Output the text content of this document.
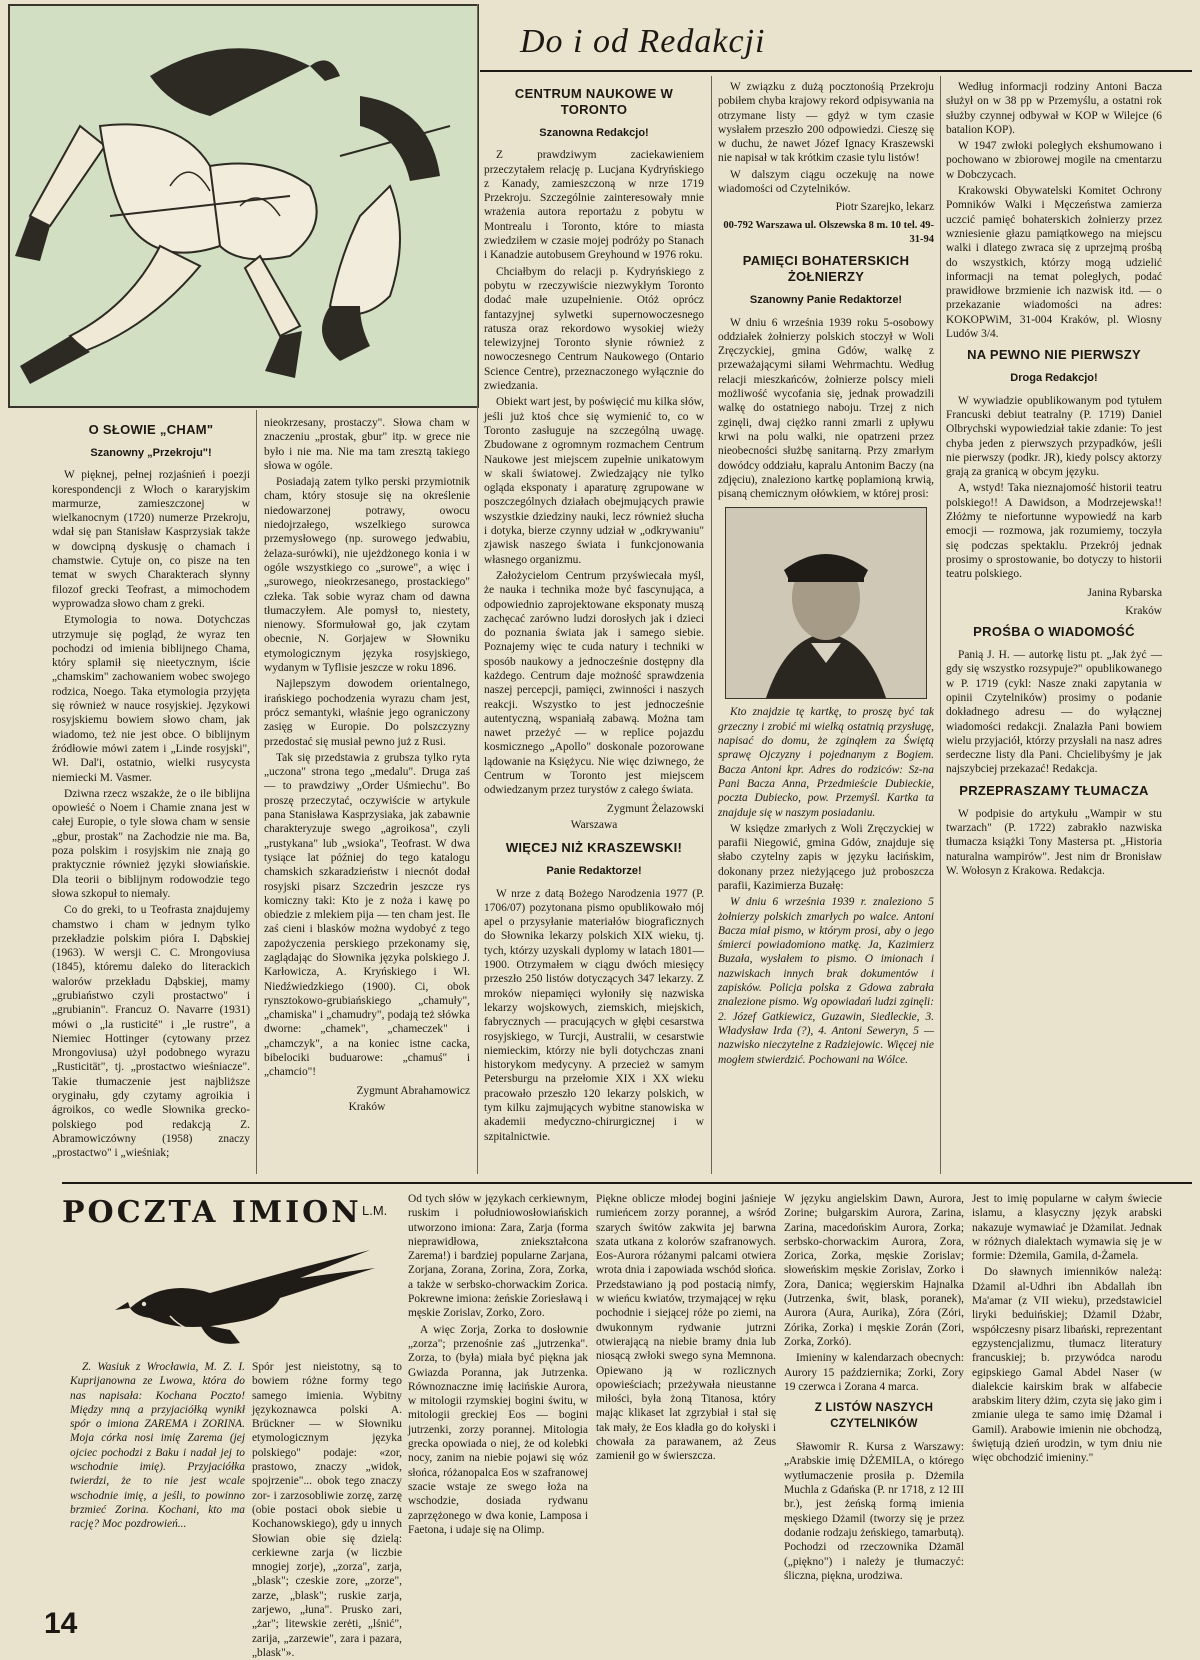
Do i od Redakcji
O SŁOWIE „CHAM"
Szanowny „Przekroju"!

W pięknej, pełnej rozjaśnień i poezji korespondencji z Włoch o kararyjskim marmurze, zamieszczonej w wielkanocnym (1720) numerze Przekroju, wdał się pan Stanisław Kasprzysiak także w dowcipną dyskusję o chamach i chamstwie. Cytuje on, co pisze na ten temat w swych Charakterach słynny filozof grecki Teofrast, a mimochodem wyprowadza słowo cham z greki.

Etymologia to nowa. Dotychczas utrzymuje się pogląd, że wyraz ten pochodzi od imienia biblijnego Chama, który splamił się nieetycznym, iście „chamskim" zachowaniem wobec swojego rodzica, Noego. Taka etymologia przyjęta się również w nauce rosyjskiej. Językowi rosyjskiemu bowiem słowo cham, jak wiadomo, też nie jest obce. O biblijnym źródłowie mówi zatem i „Linde rosyjski", Wł. Dal'i, ostatnio, wielki rusycysta niemiecki M. Vasmer.

Dziwna rzecz wszakże, że o ile biblijna opowieść o Noem i Chamie znana jest w całej Europie, o tyle słowa cham w sensie „gbur, prostak" na Zachodzie nie ma. Ba, poza polskim i rosyjskim nie znają go praktycznie również języki słowiańskie. Dla teorii o biblijnym rodowodzie tego słowa szkopuł to niemały.

Co do greki, to u Teofrasta znajdujemy chamstwo i cham w jednym tylko przekładzie polskim pióra I. Dąbskiej (1963). W wersji C. C. Mrongoviusa (1845), któremu daleko do literackich walorów przekładu Dąbskiej, mamy „grubiaństwo czyli prostactwo" i „grubianin". Francuz O. Navarre (1931) mówi o „la rusticité" i „le rustre", a Niemiec Hottinger (cytowany przez Mrongoviusa) użył podobnego wyrazu „Rusticität", tj. „prostactwo wieśniacze". Takie tłumaczenie jest najbliższe oryginału, gdy czytamy agroikia i ágroikos, co wedle Słownika grecko-polskiego pod redakcją Z. Abramowiczówny (1958) znaczy „prostactwo" i „wieśniak;

nieokrzesany, prostaczy". Słowa cham w znaczeniu „prostak, gbur" itp. w grece nie było i nie ma. Nie ma tam zresztą takiego słowa w ogóle.

Posiadają zatem tylko perski przymiotnik cham, który stosuje się na określenie niedowarzonej potrawy, owocu niedojrzałego, wszelkiego surowca przemysłowego (np. surowego jedwabiu, żelaza-surówki), nie ujeżdżonego konia i w ogóle wszystkiego co „surowe", a więc i „surowego, nieokrzesanego, prostackiego" człeka. Tak sobie wyraz cham od dawna tłumaczyłem. Ale pomysł to, niestety, nienowy. Sformułował go, jak czytam obecnie, N. Gorjajew w Słowniku etymologicznym języka rosyjskiego, wydanym w Tyflisie jeszcze w roku 1896.

Najlepszym dowodem orientalnego, irańskiego pochodzenia wyrazu cham jest, prócz semantyki, właśnie jego ograniczony zasięg w Europie. Do polszczyzny przedostać się musiał pewno już z Rusi.

Tak się przedstawia z grubsza tylko ryta „uczona" strona tego „medalu". Druga zaś — to prawdziwy „Order Uśmiechu". Bo proszę przeczytać, oczywiście w artykule pana Stanisława Kasprzysiaka, jak zabawnie charakteryzuje swego „agroikosa", czyli „rustykana" lub „wsioka", Teofrast. W dwa tysiące lat później do tego katalogu chamskich szkaradzieństw i niecnót dodał rosyjski pisarz Szczedrin jeszcze rys komiczny taki: Kto je z noża i kawę po obiedzie z mlekiem pija — ten cham jest. Ile zaś cieni i blasków można wydobyć z tego zapożyczenia perskiego przekonamy się, zaglądając do Słownika języka polskiego J. Karłowicza, A. Kryńskiego i Wł. Niedźwiedzkiego (1900). Ci, obok rynsztokowo-grubiańskiego „chamuły", „chamiska" i „chamudry", podają też słówka dworne: „chamek", „chameczek" i „chamczyk", a na koniec istne cacka, bibelociki buduarowe: „chamuś" i „chamcio"!

Zygmunt Abrahamowicz
Kraków
CENTRUM NAUKOWE W TORONTO
Szanowna Redakcjo!

Z prawdziwym zaciekawieniem przeczytałem relację p. Lucjana Kydryńskiego z Kanady, zamieszczoną w nrze 1719 Przekroju. Szczególnie zainteresowały mnie wrażenia autora reportażu z pobytu w Montrealu i Toronto, które to miasta zwiedziłem w czasie mojej podróży po Stanach i Kanadzie autobusem Greyhound w 1976 roku.

Chciałbym do relacji p. Kydryńskiego z pobytu w rzeczywiście niezwykłym Toronto dodać małe uzupełnienie. Otóż oprócz fantazyjnej sylwetki supernowoczesnego ratusza oraz rekordowo wysokiej wieży telewizyjnej Toronto słynie również z nowoczesnego Centrum Naukowego (Ontario Science Centre), przeznaczonego wyłącznie do zwiedzania.

Obiekt wart jest, by poświęcić mu kilka słów, jeśli już ktoś chce się wymienić to, co w Toronto zasługuje na szczególną uwagę. Zbudowane z ogromnym rozmachem Centrum Naukowe jest miejscem zupełnie unikatowym w skali światowej. Zwiedzający nie tylko ogląda eksponaty i aparaturę zgrupowane w poszczególnych działach obejmujących prawie wszystkie dziedziny nauki, lecz również słucha i dotyka, bierze czynny udział w „odkrywaniu" zjawisk naszego świata i funkcjonowania własnego organizmu.

Założycielom Centrum przyświecała myśl, że nauka i technika może być fascynująca, a odpowiednio zaprojektowane eksponaty muszą zachęcać zarówno ludzi dorosłych jak i dzieci do poznania świata jak i samego siebie. Poznajemy więc te cuda natury i techniki w sposób naukowy a jednocześnie dostępny dla każdego. Centrum daje możność sprawdzenia naszej percepcji, pamięci, zwinności i naszych reakcji. Wszystko to jest jednocześnie autentyczną, wspaniałą zabawą. Można tam nawet przeżyć — w replice pojazdu kosmicznego „Apollo" doskonale pozorowane lądowanie na Księżycu. Nie więc dziwnego, że Centrum w Toronto jest miejscem odwiedzanym przez turystów z całego świata.

Zygmunt Żelazowski
Warszawa
WIĘCEJ NIŻ KRASZEWSKI!
Panie Redaktorze!

W nrze z datą Bożego Narodzenia 1977 (P. 1706/07) pozytonana pismo opublikowało mój apel o przysyłanie materiałów biograficznych do Słownika lekarzy polskich XIX wieku, tj. tych, którzy uzyskali dyplomy w latach 1801—1900. Otrzymałem w ciągu dwóch miesięcy przeszło 250 listów dotyczących 347 lekarzy. Z mroków niepamięci wyłoniły się nazwiska lekarzy wojskowych, ziemskich, miejskich, fabrycznych — pracujących w głębi cesarstwa rosyjskiego, w Turcji, Australii, w cesarstwie niemieckim, którzy nie byli dotychczas znani historykom medycyny. A przecież w samym Petersburgu na przełomie XIX i XX wieku pracowało przeszło 120 lekarzy polskich, w tym kilku zajmujących wybitne stanowiska w akademii medyczno-chirurgicznej i w szpitalnictwie.

W związku z dużą pocztonośią Przekroju pobiłem chyba krajowy rekord odpisywania na otrzymane listy — gdyż w tym czasie wysłałem przeszło 200 odpowiedzi. Cieszę się w duchu, że nawet Józef Ignacy Kraszewski nie napisał w tak krótkim czasie tylu listów!

W dalszym ciągu oczekuję na nowe wiadomości od Czytelników.

Piotr Szarejko, lekarz
00-792 Warszawa ul. Olszewska 8 m. 10 tel. 49-31-94
PAMIĘCI BOHATERSKICH ŻOŁNIERZY
Szanowny Panie Redaktorze!

W dniu 6 września 1939 roku 5-osobowy oddziałek żołnierzy polskich stoczył w Woli Zręczyckiej, gmina Gdów, walkę z przeważającymi siłami Wehrmachtu. Według relacji mieszkańców, żołnierze polscy mieli możliwość wycofania się, jednak prowadzili walkę do ostatniego naboju. Trzej z nich zginęli, dwaj ciężko ranni zmarli z upływu krwi na polu walki, nie opatrzeni przez nieobecności służbę sanitarną. Przy zmarłym dowódcy oddziału, kapralu Antonim Baczy (na zdjęciu), znaleziono kartkę poplamioną krwią, pisaną chemicznym ołówkiem, w której prosi:

Kto znajdzie tę kartkę, to proszę być tak grzeczny i zrobić mi wielką ostatnią przysługę, napisać do domu, że zginąłem za Świętą sprawę Ojczyzny i pojednanym z Bogiem. Bacza Antoni kpr. Adres do rodziców: Sz-na Pani Bacza Anna, Przedmieście Dubieckie, poczta Dubiecko, pow. Przemyśl. Kartka ta znajduje się w naszym posiadaniu.

W księdze zmarłych z Woli Zręczyckiej w parafii Niegowić, gmina Gdów, znajduje się słabo czytelny zapis w języku łacińskim, dokonany przez nieżyjącego już proboszcza parafii, Kazimierza Buzałę:

W dniu 6 września 1939 r. znaleziono 5 żołnierzy polskich zmarłych po walce. Antoni Bacza miał pismo, w którym prosi, aby o jego śmierci powiadomiono matkę. Ja, Kazimierz Buzała, wysłałem to pismo. O imionach i nazwiskach innych brak dokumentów i zapisków. Policja polska z Gdowa zabrała znalezione pismo. Wg opowiadań ludzi zginęli: 2. Józef Gatkiewicz, Guzawin, Siedleckie, 3. Władysław Irda (?), 4. Antoni Seweryn, 5 — nazwisko nieczytelne z Radziejowic. Więcej nie mogłem stwierdzić. Pochowani na Wólce.

Według informacji rodziny Antoni Bacza służył on w 38 pp w Przemyślu, a ostatni rok służby czynnej odbywał w KOP w Wilejce (6 batalion KOP).

W 1947 zwłoki poległych ekshumowano i pochowano w zbiorowej mogile na cmentarzu w Dobczycach.

Krakowski Obywatelski Komitet Ochrony Pomników Walki i Męczeństwa zamierza uczcić pamięć bohaterskich żołnierzy przez wzniesienie głazu pamiątkowego na miejscu walki i dlatego zwraca się z uprzejmą prośbą do wszystkich, którzy mogą udzielić informacji na temat poległych, podać prawidłowe brzmienie ich nazwisk itd. — o przekazanie wiadomości na adres: KOKOPWiM, 31-004 Kraków, pl. Wiosny Ludów 3/4.

NA PEWNO NIE PIERWSZY
Droga Redakcjo!

W wywiadzie opublikowanym pod tytułem Francuski debiut teatralny (P. 1719) Daniel Olbrychski wypowiedział takie zdanie: To jest chyba jeden z pierwszych przypadków, jeśli nie pierwszy (podkr. JR), kiedy polscy aktorzy grają za granicą w obcym języku.

A, wstyd! Taka nieznajomość historii teatru polskiego!! A Dawidson, a Modrzejewska!! Złóżmy te niefortunne wypowiedź na karb emocji — rozmowa, jak rozumiemy, toczyła się podczas spektaklu. Przekrój jednak prosimy o sprostowanie, bo dotyczy to historii teatru polskiego.

Janina Rybarska
Kraków
PROŚBA O WIADOMOŚĆ

Panią J. H. — autorkę listu pt. „Jak żyć — gdy się wszystko rozsypuje?" opublikowanego w P. 1719 (cykl: Nasze znaki zapytania w opinii Czytelników) prosimy o podanie dokładnego adresu — do wyłącznej wiadomości redakcji. Znalazła Pani bowiem wielu przyjaciół, którzy przysłali na nasz adres serdeczne listy dla Pani. Chcielibyśmy je jak najszybciej przekazać! Redakcja.

PRZEPRASZAMY TŁUMACZA

W podpisie do artykułu „Wampir w stu twarzach" (P. 1722) zabrakło nazwiska tłumacza książki Tony Mastersa pt. „Historia naturalna wampirów". Jest nim dr Bronisław W. Wołosyn z Krakowa. Redakcja.

POCZTA IMION L.M.

Z. Wasiuk z Wrocławia, M. Z. I. Kuprijanowna ze Lwowa, która do nas napisała: Kochana Poczto! Między mną a przyjaciółką wynikł spór o imiona ZAREMA i ZORINA. Moja córka nosi imię Zarema (jej ojciec pochodzi z Baku i nadał jej to wschodnie imię). Przyjaciółka twierdzi, że to nie jest wcale wschodnie imię, a jeśli, to powinno brzmieć Zorina. Kochani, kto ma rację? Moc pozdrowień...

Spór jest nieistotny, są to bowiem różne formy tego samego imienia. Wybitny językoznawca polski A. Brückner — w Słowniku etymologicznym języka polskiego" podaje: «zor, prastowo, znaczy „widok, spojrzenie"... obok tego znaczy zor- i zarzosobliwie zorzę, zarzę (obie postaci obok siebie u Kochanowskiego), gdy u innych Słowian obie się dzielą: cerkiewne zarja (w liczbie mnogiej zorje), „zorza", zarja, „blask"; czeskie zore, „zorze", zarze, „blask"; ruskie zarja, zarjewo, „łuna". Prusko zari, „żar"; litewskie zerėti, „lśnić", zarija, „zarzewie", zara i pazara, „blask"».

Od tych słów w językach cerkiewnym, ruskim i południowosłowiańskich utworzono imiona: Zara, Zarja (forma nieprawidłowa, zniekształcona Zarema!) i bardziej popularne Zarjana, Zorjana, Zorana, Zorina, Zora, Zorka, a także w serbsko-chorwackim Zorica. Pokrewne imiona: żeńskie Zoriesławą i męskie Zorislav, Zorko, Zoro.

A więc Zorja, Zorka to dosłownie „zorza"; przenośnie zaś „jutrzenka". Zorza, to (była) miała być piękna jak Gwiazda Poranna, jak Jutrzenka. Równoznaczne imię łacińskie Aurora, w mitologii rzymskiej bogini świtu, w mitologii greckiej Eos — bogini jutrzenki, zorzy porannej. Mitologia grecka opowiada o niej, że od kolebki nocy, zanim na niebie pojawi się wóz słońca, różanopalca Eos w szafranowej szacie wstaje ze swego łoża na wschodzie, dosiada rydwanu zaprzężonego w dwa konie, Lamposa i Faetona, i udaje się na Olimp.

Piękne oblicze młodej bogini jaśnieje rumieńcem zorzy porannej, a wśród szarych świtów zakwita jej barwna szata utkana z kolorów szafranowych. Eos-Aurora różanymi palcami otwiera wrota dnia i zapowiada wschód słońca. Przedstawiano ją pod postacią nimfy, w wieńcu kwiatów, trzymającej w ręku pochodnie i siejącej róże po ziemi, na dwukonnym rydwanie jutrzni otwierającą na niebie bramy dnia lub niosącą zwłoki swego syna Memnona. Opiewano ją w rozlicznych opowieściach; przeżywała nieustanne miłości, była żoną Titanosa, który mając klikaset lat zgrzybiał i stał się tak mały, że Eos kładła go do kołyski i chowała za parawanem, aż Zeus zamienił go w świerszcza.

W języku angielskim Dawn, Aurora, Zorine; bułgarskim Aurora, Zarina, Zarina, macedońskim Aurora, Zorka; serbsko-chorwackim Aurora, Zora, Zorica, Zorka, męskie Zorislav; słoweńskim męskie Zorislav, Zorko i Zora, Danica; węgierskim Hajnalka (Jutrzenka, świt, blask, poranek), Aurora (Aura, Aurika), Zóra (Zóri, Zórika, Zorka) i męskie Zorán (Zori, Zorka, Zorkó).

Imieniny w kalendarzach obecnych: Aurory 15 października; Zorki, Zory 19 czerwca i Zorana 4 marca.

Z LISTÓW NASZYCH CZYTELNIKÓW

Sławomir R. Kursa z Warszawy: „Arabskie imię DŻEMILA, o którego wytłumaczenie prosiła p. Dżemila Muchla z Gdańska (P. nr 1718, z 12 III br.), jest żeńską formą imienia męskiego Dżamil (tworzy się je przez dodanie rodzaju żeńskiego, tamarbutą). Pochodzi od rzeczownika Dżamāl („piękno") i należy je tłumaczyć: śliczna, piękna, urodziwa.

Jest to imię popularne w całym świecie islamu, a klasyczny język arabski nakazuje wymawiać je Dżamilat. Jednak w różnych dialektach wymawia się je w formie: Dżemila, Gamila, d-Żamela.

Do sławnych imienników należą: Dżamil al-Udhri ibn Abdallah ibn Ma'amar (z VII wieku), przedstawiciel liryki beduińskiej; Dżamil Dżabr, współczesny pisarz libański, reprezentant egzystencjalizmu, tłumacz literatury francuskiej; b. przywódca narodu egipskiego Gamal Abdel Naser (w dialekcie kairskim brak w alfabecie arabskim litery dżim, czyta się jako gim i zmianie ulega te samo imię Dżamal i Gamil). Arabowie imienin nie obchodzą, świętują dzień urodzin, w tym dniu nie więc obchodzić imieniny."

14
